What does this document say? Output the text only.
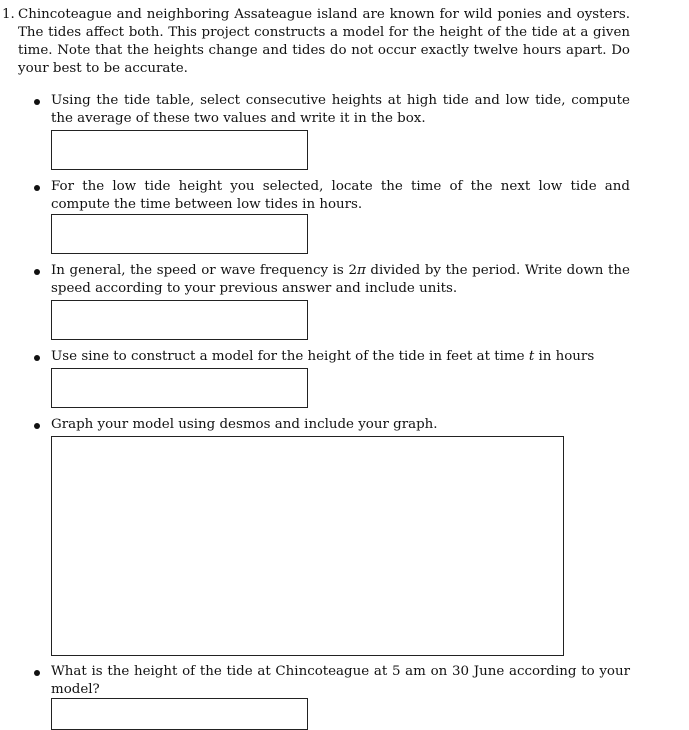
1. Chincoteague and neighboring Assateague island are known for wild ponies and oysters. The tides affect both. This project constructs a model for the height of the tide at a given time. Note that the heights change and tides do not occur exactly twelve hours apart. Do your best to be accurate.
Using the tide table, select consecutive heights at high tide and low tide, compute the average of these two values and write it in the box.
For the low tide height you selected, locate the time of the next low tide and compute the time between low tides in hours.
In general, the speed or wave frequency is 2π divided by the period. Write down the speed according to your previous answer and include units.
Use sine to construct a model for the height of the tide in feet at time t in hours
Graph your model using desmos and include your graph.
What is the height of the tide at Chincoteague at 5 am on 30 June according to your model?
